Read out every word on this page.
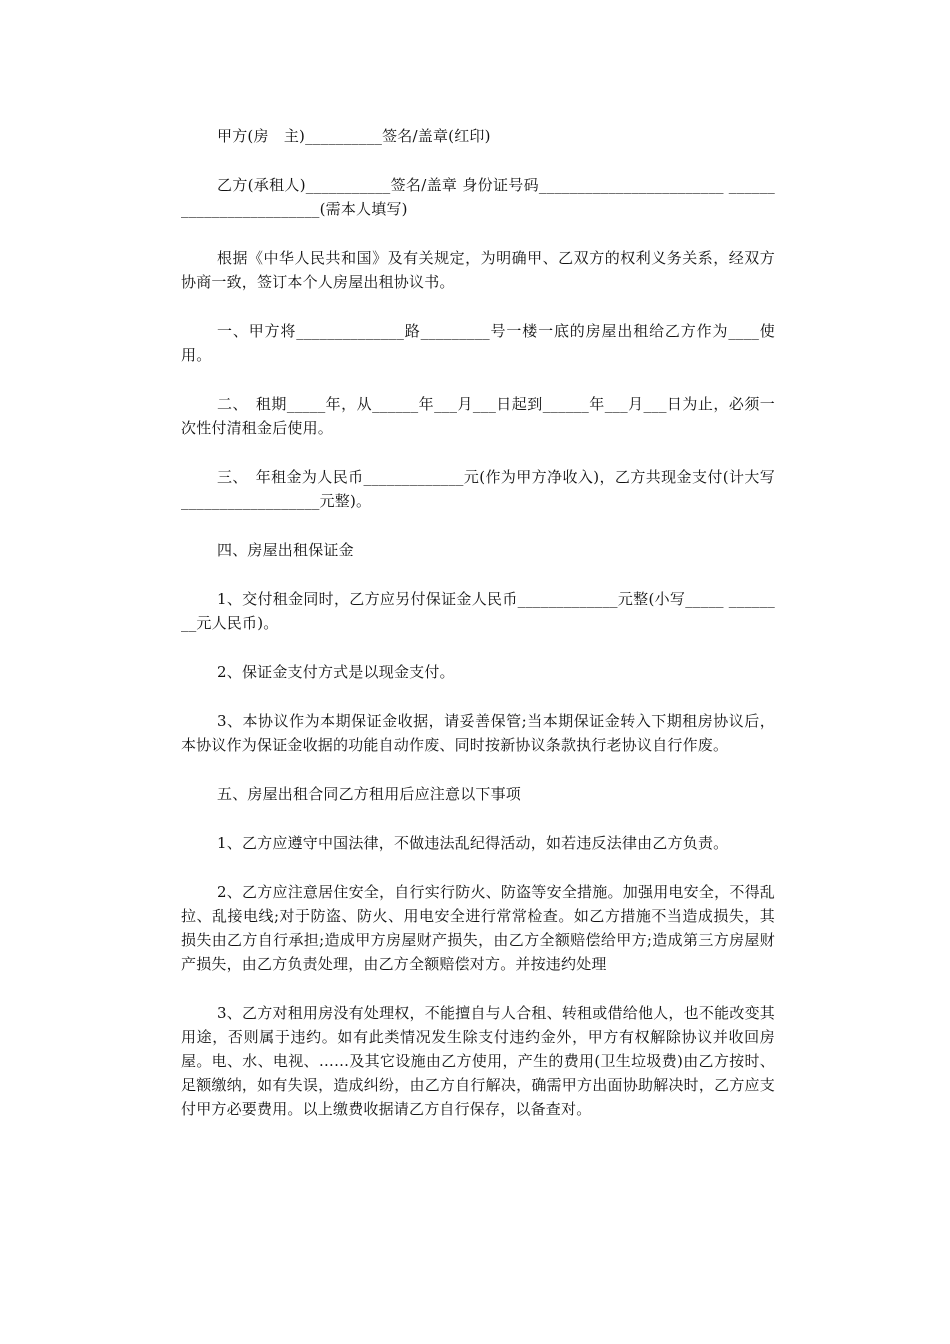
甲方(房　主)__________签名/盖章(红印)

乙方(承租人)___________签名/盖章 身份证号码________________________ ________________________(需本人填写)

根据《中华人民共和国》及有关规定，为明确甲、乙双方的权利义务关系，经双方协商一致，签订本个人房屋出租协议书。

一、甲方将______________路_________号一楼一底的房屋出租给乙方作为____使用。

二、　租期_____年，从______年___月___日起到______年___月___日为止，必须一次性付清租金后使用。

三、　年租金为人民币_____________元(作为甲方净收入)，乙方共现金支付(计大写__________________元整)。

四、房屋出租保证金

1、交付租金同时，乙方应另付保证金人民币_____________元整(小写_____ ________元人民币)。

2、保证金支付方式是以现金支付。

3、本协议作为本期保证金收据，请妥善保管;当本期保证金转入下期租房协议后，本协议作为保证金收据的功能自动作废、同时按新协议条款执行老协议自行作废。

五、房屋出租合同乙方租用后应注意以下事项

1、乙方应遵守中国法律，不做违法乱纪得活动，如若违反法律由乙方负责。

2、乙方应注意居住安全，自行实行防火、防盗等安全措施。加强用电安全，不得乱拉、乱接电线;对于防盗、防火、用电安全进行常常检查。如乙方措施不当造成损失，其损失由乙方自行承担;造成甲方房屋财产损失，由乙方全额赔偿给甲方;造成第三方房屋财产损失，由乙方负责处理，由乙方全额赔偿对方。并按违约处理

3、乙方对租用房没有处理权，不能擅自与人合租、转租或借给他人，也不能改变其用途，否则属于违约。如有此类情况发生除支付违约金外，甲方有权解除协议并收回房屋。电、水、电视、……及其它设施由乙方使用，产生的费用(卫生垃圾费)由乙方按时、足额缴纳，如有失误，造成纠纷，由乙方自行解决，确需甲方出面协助解决时，乙方应支付甲方必要费用。以上缴费收据请乙方自行保存，以备查对。
